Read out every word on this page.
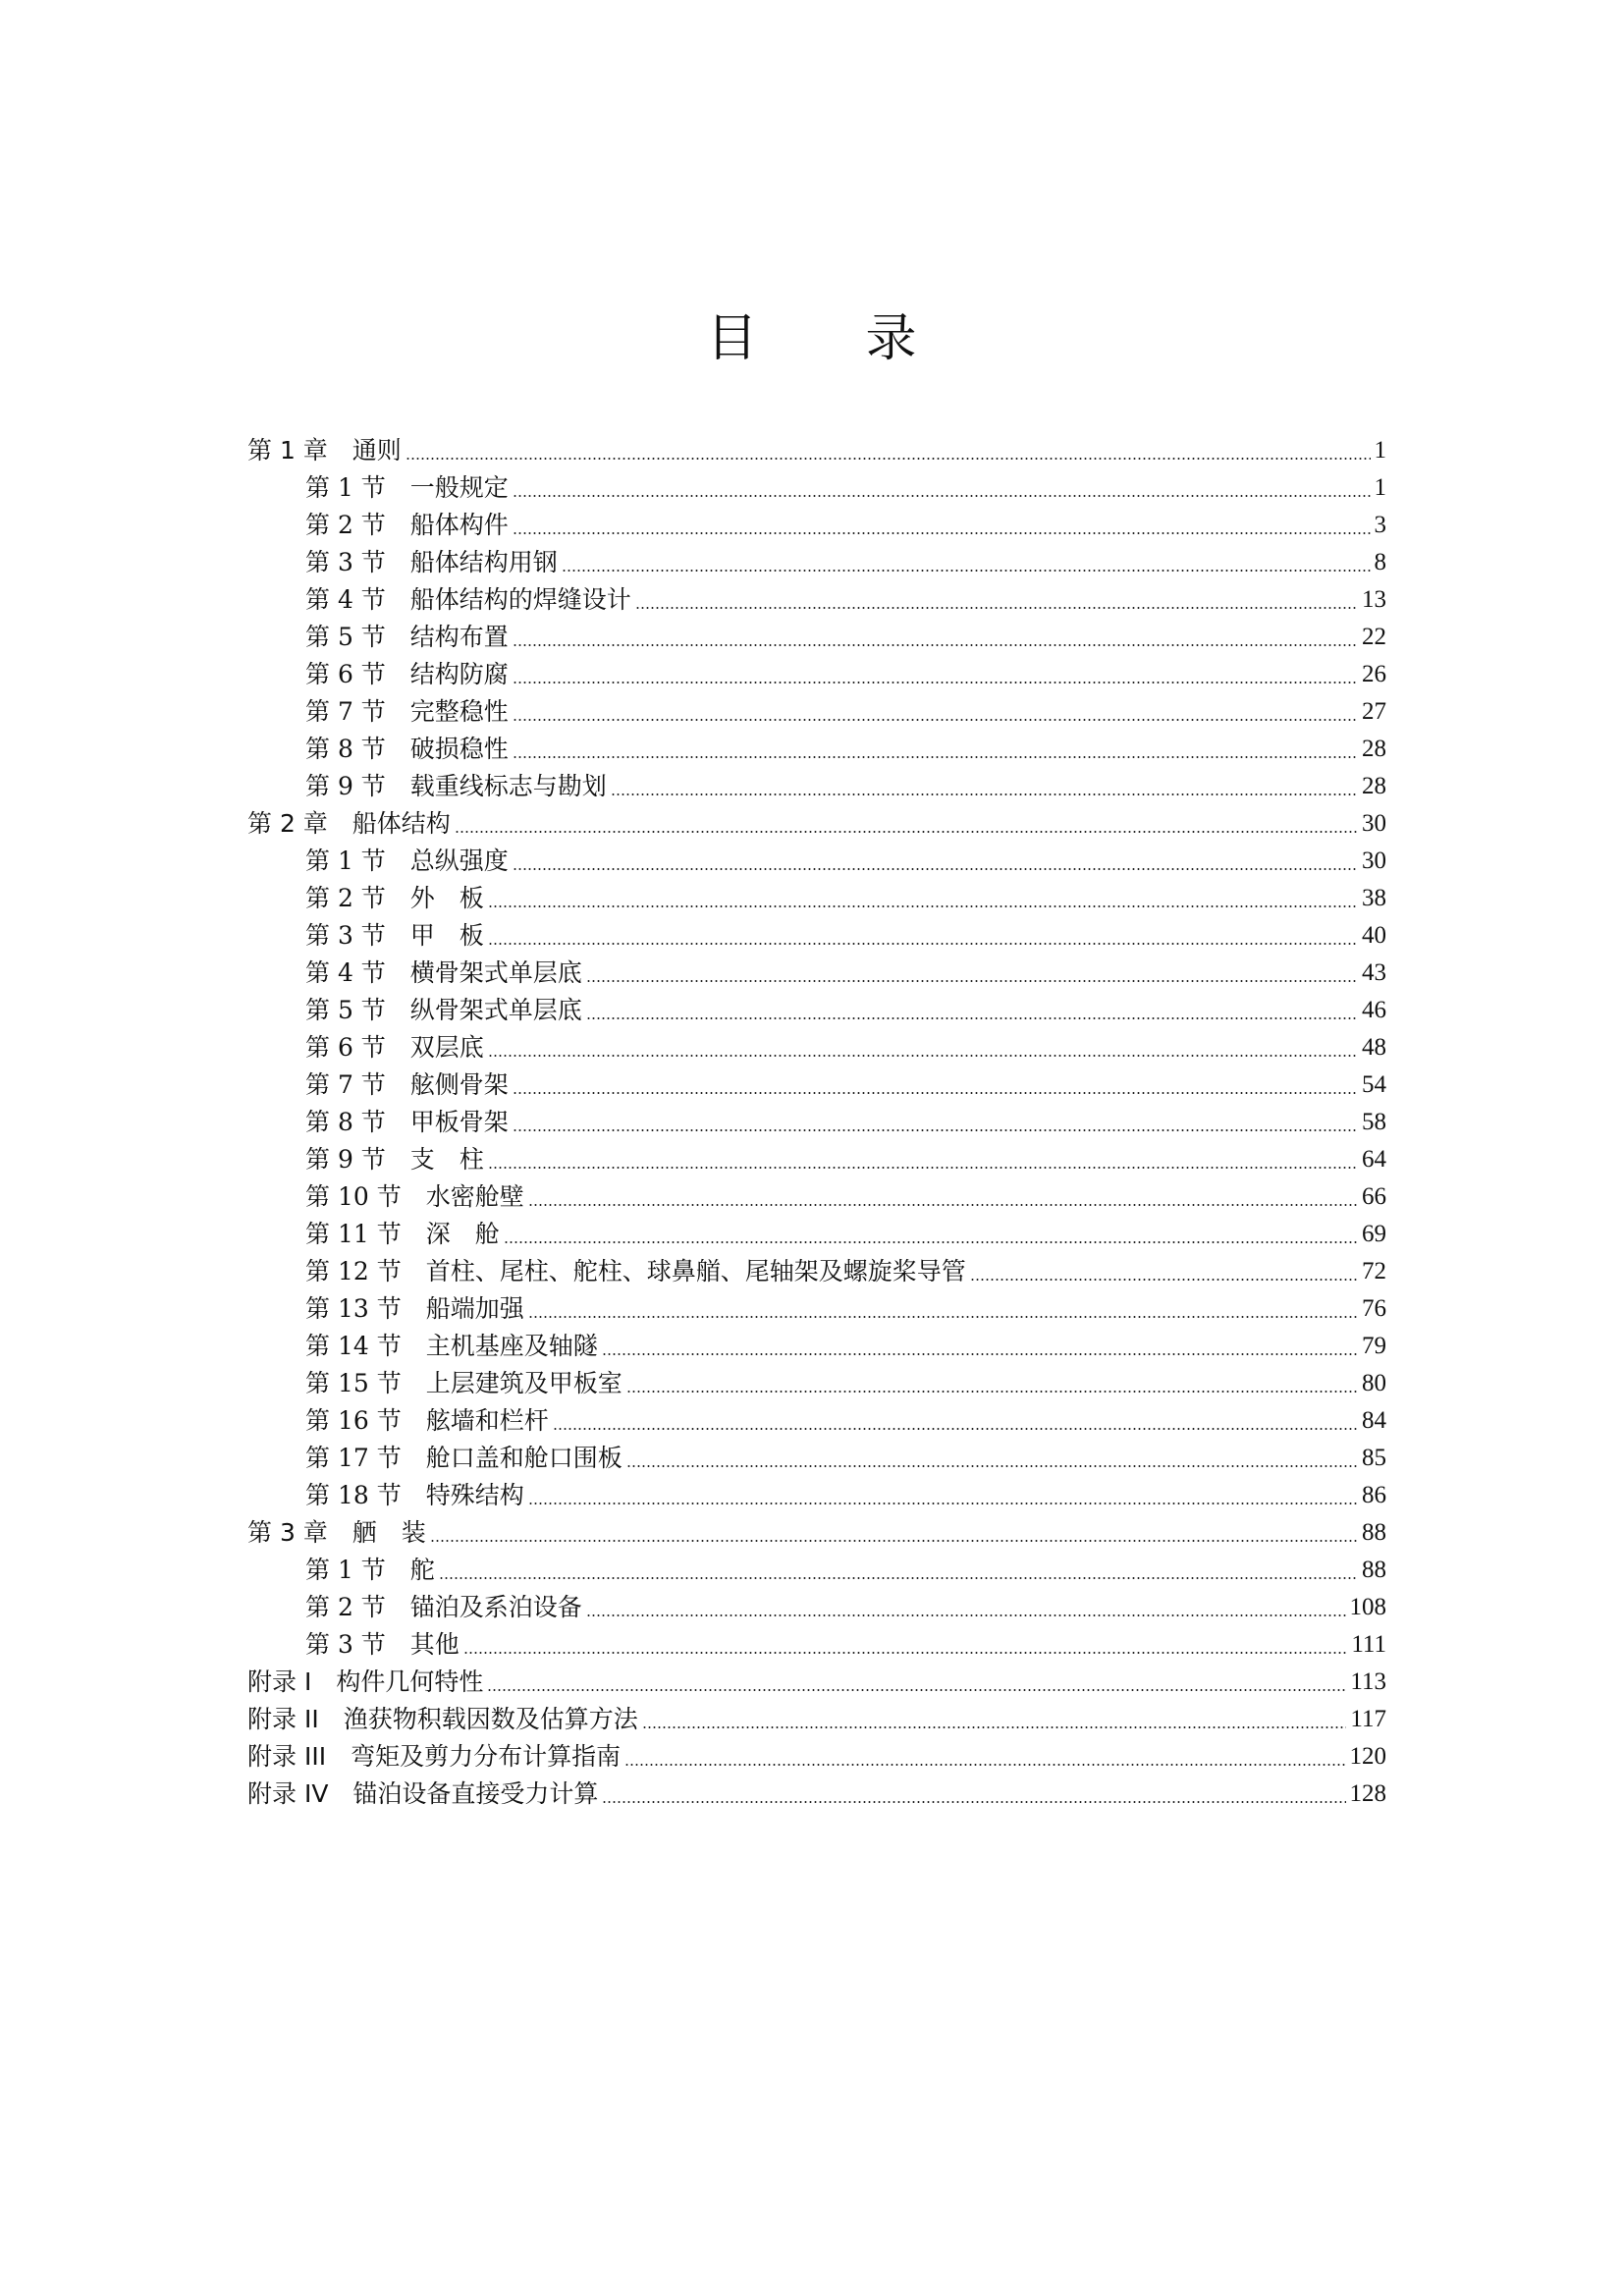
目 录
第 1 章　通则	1
第 1 节　一般规定	1
第 2 节　船体构件	3
第 3 节　船体结构用钢	8
第 4 节　船体结构的焊缝设计	13
第 5 节　结构布置	22
第 6 节　结构防腐	26
第 7 节　完整稳性	27
第 8 节　破损稳性	28
第 9 节　载重线标志与勘划	28
第 2 章　船体结构	30
第 1 节　总纵强度	30
第 2 节　外　板	38
第 3 节　甲　板	40
第 4 节　横骨架式单层底	43
第 5 节　纵骨架式单层底	46
第 6 节　双层底	48
第 7 节　舷侧骨架	54
第 8 节　甲板骨架	58
第 9 节　支　柱	64
第 10 节　水密舱壁	66
第 11 节　深　舱	69
第 12 节　首柱、尾柱、舵柱、球鼻艏、尾轴架及螺旋桨导管	72
第 13 节　船端加强	76
第 14 节　主机基座及轴隧	79
第 15 节　上层建筑及甲板室	80
第 16 节　舷墙和栏杆	84
第 17 节　舱口盖和舱口围板	85
第 18 节　特殊结构	86
第 3 章　舾　装	88
第 1 节　舵	88
第 2 节　锚泊及系泊设备	108
第 3 节　其他	111
附录 I　构件几何特性	113
附录 II　渔获物积载因数及估算方法	117
附录 III　弯矩及剪力分布计算指南	120
附录 IV　锚泊设备直接受力计算	128
